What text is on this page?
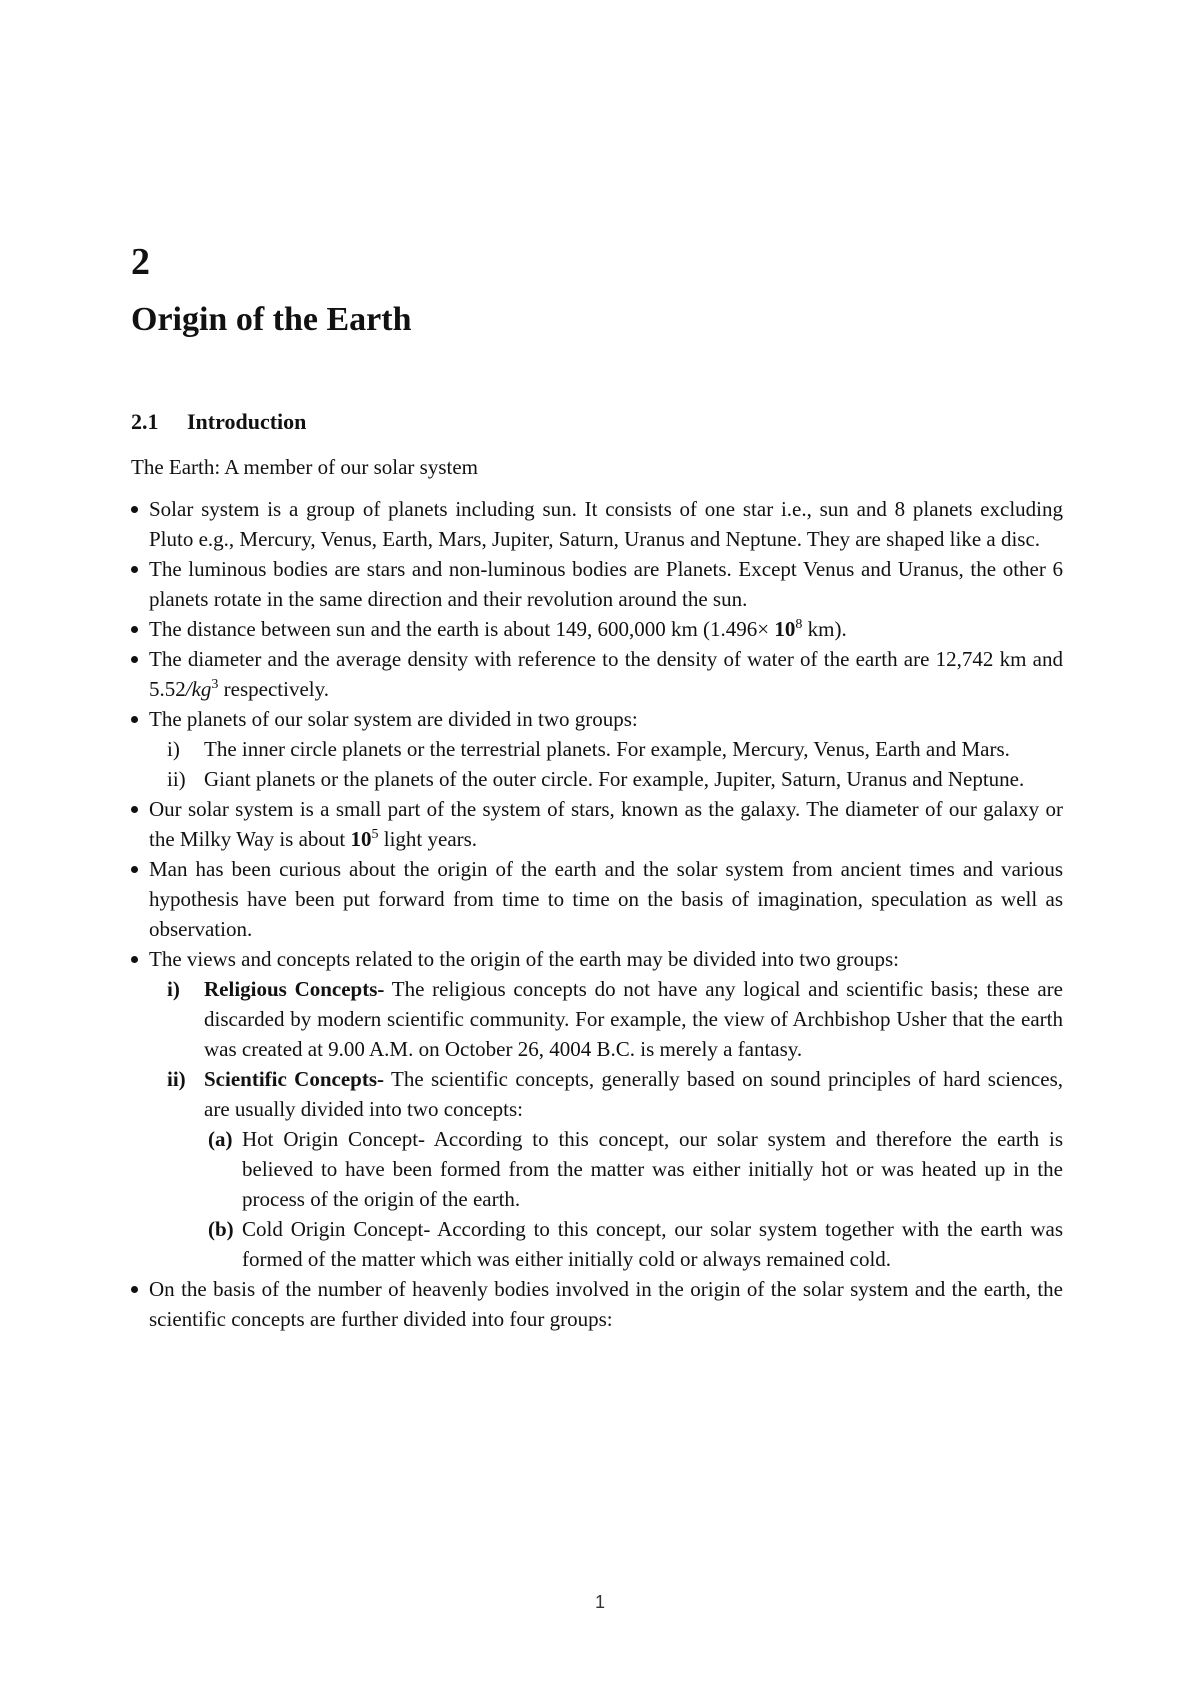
2
Origin of the Earth
2.1 Introduction

The Earth: A member of our solar system

Solar system is a group of planets including sun. It consists of one star i.e., sun and 8 planets excluding Pluto e.g., Mercury, Venus, Earth, Mars, Jupiter, Saturn, Uranus and Neptune. They are shaped like a disc.
The luminous bodies are stars and non-luminous bodies are Planets. Except Venus and Uranus, the other 6 planets rotate in the same direction and their revolution around the sun.
The distance between sun and the earth is about 149, 600,000 km ($1.496\times 10^8$ km).
The diameter and the average density with reference to the density of water of the earth are 12,742 km and $5.52/kg^3$ respectively.
The planets of our solar system are divided in two groups:
i) The inner circle planets or the terrestrial planets. For example, Mercury, Venus, Earth and Mars.
ii) Giant planets or the planets of the outer circle. For example, Jupiter, Saturn, Uranus and Neptune.
Our solar system is a small part of the system of stars, known as the galaxy. The diameter of our galaxy or the Milky Way is about $10^5$ light years.
Man has been curious about the origin of the earth and the solar system from ancient times and various hypothesis have been put forward from time to time on the basis of imagination, speculation as well as observation.
The views and concepts related to the origin of the earth may be divided into two groups:
i) Religious Concepts- The religious concepts do not have any logical and scientific basis; these are discarded by modern scientific community. For example, the view of Archbishop Usher that the earth was created at 9.00 A.M. on October 26, 4004 B.C. is merely a fantasy.
ii) Scientific Concepts- The scientific concepts, generally based on sound principles of hard sciences, are usually divided into two concepts:
(a) Hot Origin Concept- According to this concept, our solar system and therefore the earth is believed to have been formed from the matter was either initially hot or was heated up in the process of the origin of the earth.
(b) Cold Origin Concept- According to this concept, our solar system together with the earth was formed of the matter which was either initially cold or always remained cold.
On the basis of the number of heavenly bodies involved in the origin of the solar system and the earth, the scientific concepts are further divided into four groups:
1
